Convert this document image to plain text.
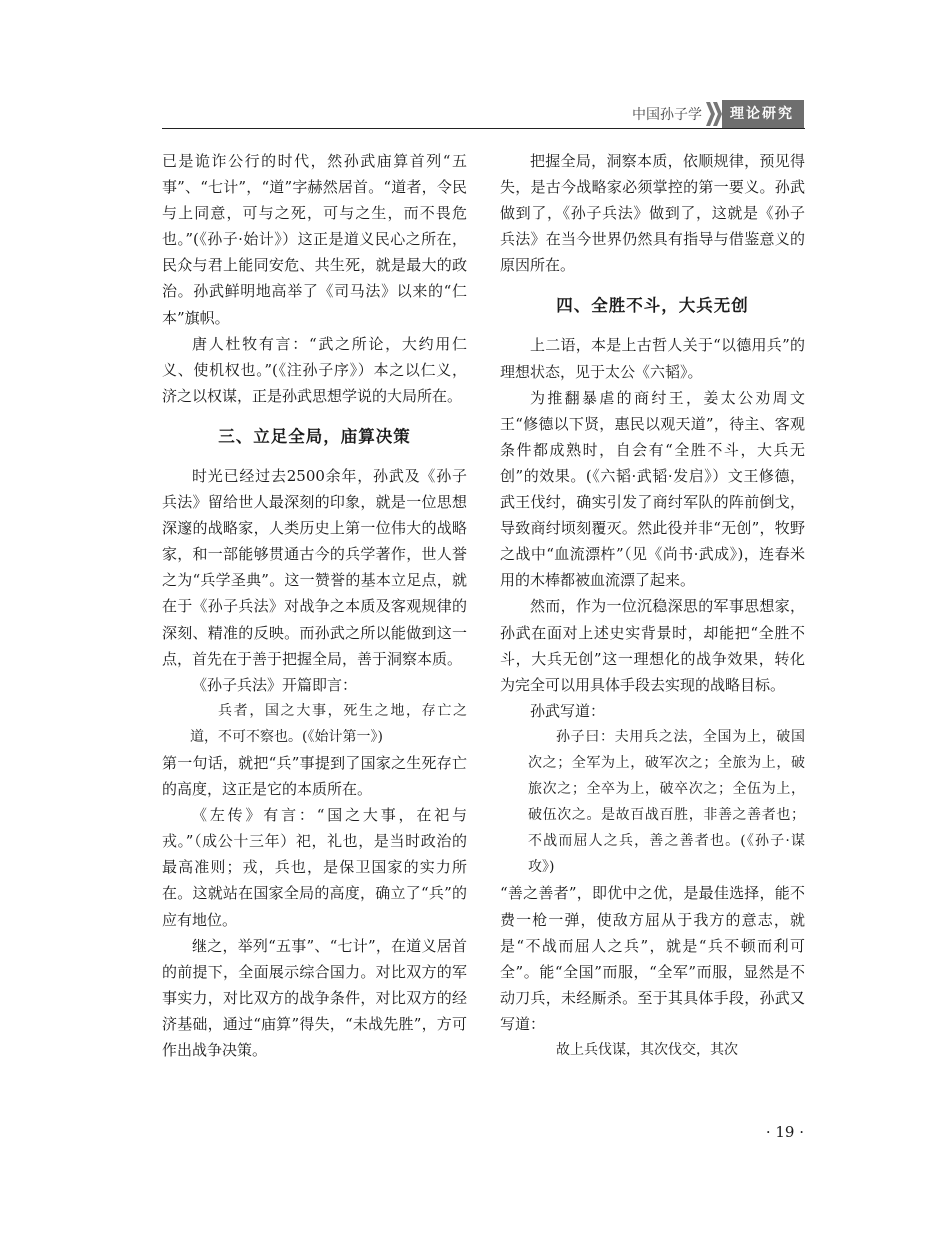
中国孙子学	理论研究

已是诡诈公行的时代，然孙武庙算首列“五事”、“七计”，“道”字赫然居首。“道者，令民与上同意，可与之死，可与之生，而不畏危也。”(《孙子·始计》）这正是道义民心之所在，民众与君上能同安危、共生死，就是最大的政治。孙武鲜明地高举了《司马法》以来的“仁本”旗帜。

唐人杜牧有言：“武之所论，大约用仁义、使机权也。”(《注孙子序》）本之以仁义，济之以权谋，正是孙武思想学说的大局所在。

三、立足全局，庙算决策

时光已经过去2500余年，孙武及《孙子兵法》留给世人最深刻的印象，就是一位思想深邃的战略家，人类历史上第一位伟大的战略家，和一部能够贯通古今的兵学著作，世人誉之为“兵学圣典”。这一赞誉的基本立足点，就在于《孙子兵法》对战争之本质及客观规律的深刻、精准的反映。而孙武之所以能做到这一点，首先在于善于把握全局，善于洞察本质。

《孙子兵法》开篇即言：

兵者，国之大事，死生之地，存亡之道，不可不察也。(《始计第一》)

第一句话，就把“兵”事提到了国家之生死存亡的高度，这正是它的本质所在。

《左传》有言：“国之大事，在祀与戎。”（成公十三年）祀，礼也，是当时政治的最高准则；戎，兵也，是保卫国家的实力所在。这就站在国家全局的高度，确立了“兵”的应有地位。

继之，举列“五事”、“七计”，在道义居首的前提下，全面展示综合国力。对比双方的军事实力，对比双方的战争条件，对比双方的经济基础，通过“庙算”得失，“未战先胜”，方可作出战争决策。

把握全局，洞察本质，依顺规律，预见得失，是古今战略家必须掌控的第一要义。孙武做到了，《孙子兵法》做到了，这就是《孙子兵法》在当今世界仍然具有指导与借鉴意义的原因所在。

四、全胜不斗，大兵无创

上二语，本是上古哲人关于“以德用兵”的理想状态，见于太公《六韬》。

为推翻暴虐的商纣王，姜太公劝周文王“修德以下贤，惠民以观天道”，待主、客观条件都成熟时，自会有“全胜不斗，大兵无创”的效果。(《六韬·武韬·发启》）文王修德，武王伐纣，确实引发了商纣军队的阵前倒戈，导致商纣顷刻覆灭。然此役并非“无创”，牧野之战中“血流漂杵”（见《尚书·武成》)，连春米用的木棒都被血流漂了起来。

然而，作为一位沉稳深思的军事思想家，孙武在面对上述史实背景时，却能把“全胜不斗，大兵无创”这一理想化的战争效果，转化为完全可以用具体手段去实现的战略目标。

孙武写道：

孙子曰：夫用兵之法，全国为上，破国次之；全军为上，破军次之；全旅为上，破旅次之；全卒为上，破卒次之；全伍为上，破伍次之。是故百战百胜，非善之善者也；不战而屈人之兵，善之善者也。(《孙子·谋攻》)

“善之善者”，即优中之优，是最佳选择，能不费一枪一弹，使敌方屈从于我方的意志，就是“不战而屈人之兵”，就是“兵不顿而利可全”。能“全国”而服，“全军”而服，显然是不动刀兵，未经厮杀。至于其具体手段，孙武又写道：

故上兵伐谋，其次伐交，其次

· 19 ·
